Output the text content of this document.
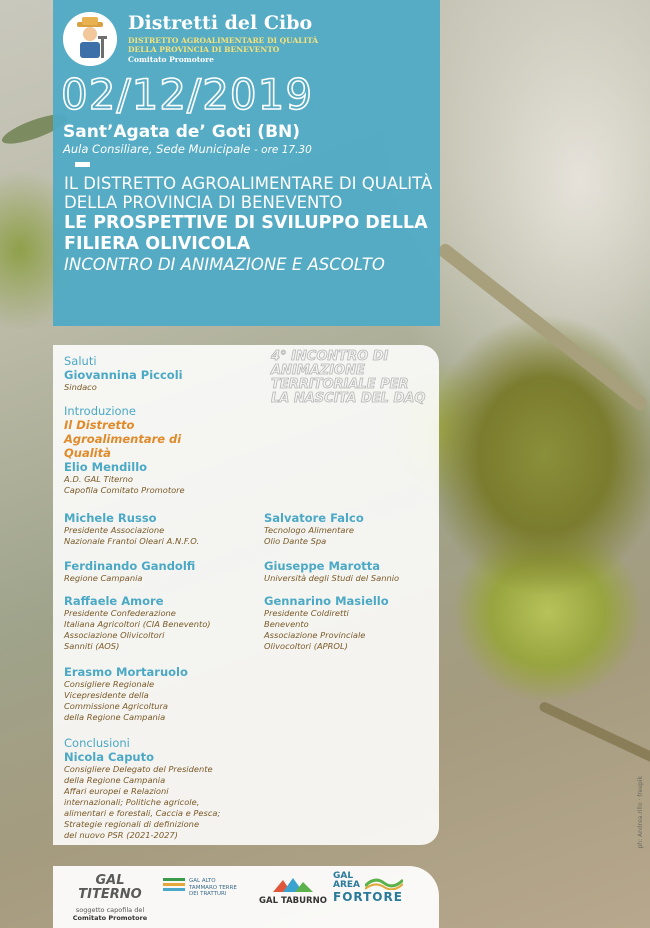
Distretti del Cibo
DISTRETTO AGROALIMENTARE DI QUALITÀ DELLA PROVINCIA DI BENEVENTO
Comitato Promotore
02/12/2019
Sant’Agata de’ Goti (BN)
Aula Consiliare, Sede Municipale - ore 17.30
IL DISTRETTO AGROALIMENTARE DI QUALITÀ DELLA PROVINCIA DI BENEVENTO
LE PROSPETTIVE DI SVILUPPO DELLA FILIERA OLIVICOLA
INCONTRO DI ANIMAZIONE E ASCOLTO
4° INCONTRO DI ANIMAZIONE TERRITORIALE PER LA NASCITA DEL DAQ
Saluti
Giovannina Piccoli
Sindaco
Introduzione
Il Distretto Agroalimentare di Qualità
Elio Mendillo
A.D. GAL Titerno
Capofila Comitato Promotore
Michele Russo
Presidente Associazione
Nazionale Frantoi Oleari A.N.F.O.
Salvatore Falco
Tecnologo Alimentare
Olio Dante Spa
Ferdinando Gandolfi
Regione Campania
Giuseppe Marotta
Università degli Studi del Sannio
Raffaele Amore
Presidente Confederazione
Italiana Agricoltori (CIA Benevento)
Associazione Olivicoltori
Sanniti (AOS)
Gennarino Masiello
Presidente Coldiretti
Benevento
Associazione Provinciale
Olivocoltori (APROL)
Erasmo Mortaruolo
Consigliere Regionale
Vicepresidente della
Commissione Agricoltura
della Regione Campania
Conclusioni
Nicola Caputo
Consigliere Delegato del Presidente
della Regione Campania
Affari europei e Relazioni
internazionali; Politiche agricole,
alimentari e forestali, Caccia e Pesca;
Strategie regionali di definizione
del nuovo PSR (2021-2027)
GAL TITERNO
soggetto capofila del
Comitato Promotore
GAL ALTO TAMMARO TERRE DEI TRATTURI
GAL TABURNO
GAL
AREA
FORTORE
ph: Andrea.rillo · freepik
